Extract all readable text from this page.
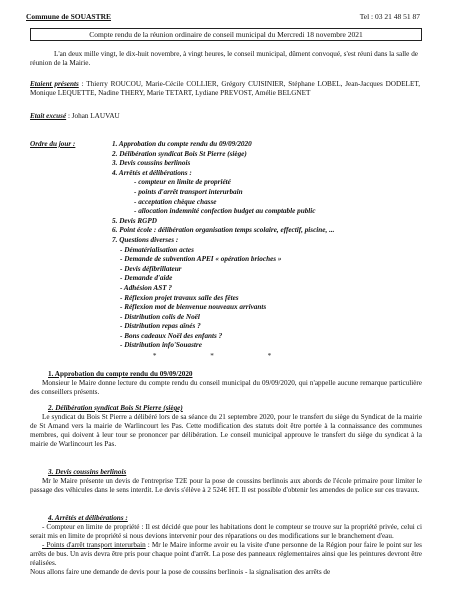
Commune de SOUASTRE	Tel : 03 21 48 51 87
Compte rendu de la réunion ordinaire de conseil municipal du Mercredi 18 novembre 2021
L'an deux mille vingt, le dix-huit novembre, à vingt heures, le conseil municipal, dûment convoqué, s'est réuni dans la salle de réunion de la Mairie.
Etaient présents : Thierry ROUCOU, Marie-Cécile COLLIER, Grégory CUISINIER, Stéphane LOBEL, Jean-Jacques DODELET, Monique LEQUETTE, Nadine THERY, Marie TETART, Lydiane PREVOST, Amélie BELGNET
Etait excusé : Johan LAUVAU
Ordre du jour :	1. Approbation du compte rendu du 09/09/2020
2. Délibération syndicat Bois St Pierre (siège)
3. Devis coussins berlinois
4. Arrêtés et délibérations :
- compteur en limite de propriété
- points d'arrêt transport interurbain
- acceptation chèque chasse
- allocation indemnité confection budget au comptable public
5. Devis RGPD
6. Point école : délibération organisation temps scolaire, effectif, piscine, ...
7. Questions diverses :
- Dématérialisation actes
- Demande de subvention APEI « opération brioches »
- Devis défibrillateur
- Demande d'aide
- Adhésion AST ?
- Réflexion projet travaux salle des fêtes
- Réflexion mot de bienvenue nouveaux arrivants
- Distribution colis de Noël
- Distribution repas aînés ?
- Bons cadeaux Noël des enfants ?
- Distribution info'Souastre
* * *
1. Approbation du compte rendu du 09/09/2020

Monsieur le Maire donne lecture du compte rendu du conseil municipal du 09/09/2020, qui n'appelle aucune remarque particulière des conseillers présents.

2. Délibération syndicat Bois St Pierre (siège)

Le syndicat du Bois St Pierre a délibéré lors de sa séance du 21 septembre 2020, pour le transfert du siège du Syndicat de la mairie de St Amand vers la mairie de Warlincourt les Pas. Cette modification des statuts doit être portée à la connaissance des communes membres, qui doivent à leur tour se prononcer par délibération. Le conseil municipal approuve le transfert du siège du syndicat à la mairie de Warlincourt les Pas.

3. Devis coussins berlinois

Mr le Maire présente un devis de l'entreprise T2E pour la pose de coussins berlinois aux abords de l'école primaire pour limiter le passage des véhicules dans le sens interdit. Le devis s'élève à 2 524€ HT. Il est possible d'obtenir les amendes de police sur ces travaux.

4. Arrêtés et délibérations :

- Compteur en limite de propriété : Il est décidé que pour les habitations dont le compteur se trouve sur la propriété privée, celui ci serait mis en limite de propriété si nous devions intervenir pour des réparations ou des modifications sur le branchement d'eau.

- Points d'arrêt transport interurbain : Mr le Maire informe avoir eu la visite d'une personne de la Région pour faire le point sur les arrêts de bus. Un avis devra être pris pour chaque point d'arrêt. La pose des panneaux réglementaires ainsi que les peintures devront être réalisées.

Nous allons faire une demande de devis pour la pose de coussins berlinois - la signalisation des arrêts de
